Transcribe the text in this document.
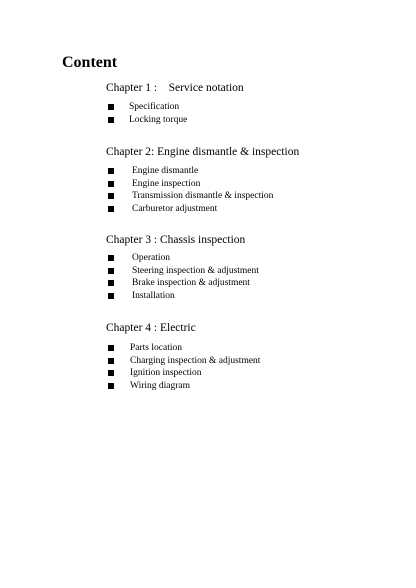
Content
Chapter 1 :    Service notation
Specification

Locking torque

Chapter 2: Engine dismantle & inspection
Engine dismantle

Engine inspection

Transmission dismantle & inspection

Carburetor adjustment

Chapter 3 : Chassis inspection
Operation

Steering inspection & adjustment

Brake inspection & adjustment

Installation

Chapter 4 : Electric
Parts location

Charging inspection & adjustment

Ignition inspection

Wiring diagram
